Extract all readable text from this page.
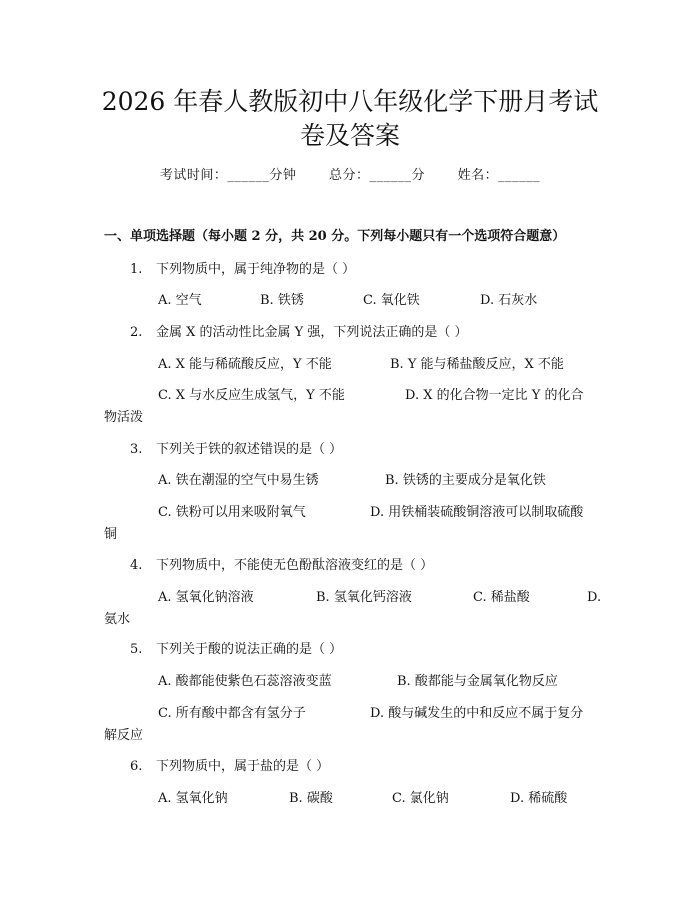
2026 年春人教版初中八年级化学下册月考试
卷及答案
考试时间：______分钟	总分：______分	姓名：______
一、单项选择题（每小题 2 分，共 20 分。下列每小题只有一个选项符合题意）
1. 下列物质中，属于纯净物的是（ ）
A. 空气	B. 铁锈	C. 氧化铁	D. 石灰水
2. 金属 X 的活动性比金属 Y 强，下列说法正确的是（ ）
A. X 能与稀硫酸反应，Y 不能	B. Y 能与稀盐酸反应，X 不能
C. X 与水反应生成氢气，Y 不能	D. X 的化合物一定比 Y 的化合
物活泼
3. 下列关于铁的叙述错误的是（ ）
A. 铁在潮湿的空气中易生锈	B. 铁锈的主要成分是氧化铁
C. 铁粉可以用来吸附氧气	D. 用铁桶装硫酸铜溶液可以制取硫酸
铜
4. 下列物质中，不能使无色酚酞溶液变红的是（ ）
A. 氢氧化钠溶液	B. 氢氧化钙溶液	C. 稀盐酸	D.
氨水
5. 下列关于酸的说法正确的是（ ）
A. 酸都能使紫色石蕊溶液变蓝	B. 酸都能与金属氧化物反应
C. 所有酸中都含有氢分子	D. 酸与碱发生的中和反应不属于复分
解反应
6. 下列物质中，属于盐的是（ ）
A. 氢氧化钠	B. 碳酸	C. 氯化钠	D. 稀硫酸
